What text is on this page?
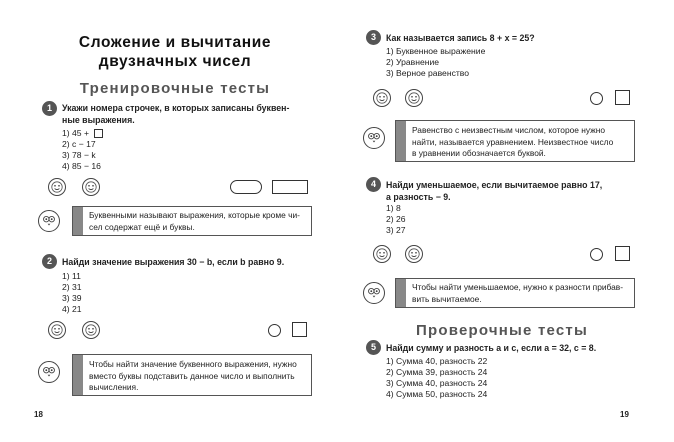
Сложение и вычитание
двузначных чисел
Тренировочные тесты
1	Укажи номера строчек, в которых записаны буквен-
ные выражения.
1) 45 +
2) с − 17
3) 78 − k
4) 85 − 16
Буквенными называют выражения, которые кроме чи-
сел содержат ещё и буквы.
2	Найди значение выражения 30 − b, если b равно 9.
1) 11
2) 31
3) 39
4) 21
Чтобы найти значение буквенного выражения, нужно
вместо буквы подставить данное число и выполнить
вычисления.
18
3	Как называется запись 8 + х = 25?
1) Буквенное выражение
2) Уравнение
3) Верное равенство
Равенство с неизвестным числом, которое нужно
найти, называется уравнением. Неизвестное число
в уравнении обозначается буквой.
4	Найди уменьшаемое, если вычитаемое равно 17,
а разность − 9.
1) 8
2) 26
3) 27
Чтобы найти уменьшаемое, нужно к разности прибав-
вить вычитаемое.
Проверочные тесты
5	Найди сумму и разность а и с, если а = 32, с = 8.
1) Сумма 40, разность 22
2) Сумма 39, разность 24
3) Сумма 40, разность 24
4) Сумма 50, разность 24
19
